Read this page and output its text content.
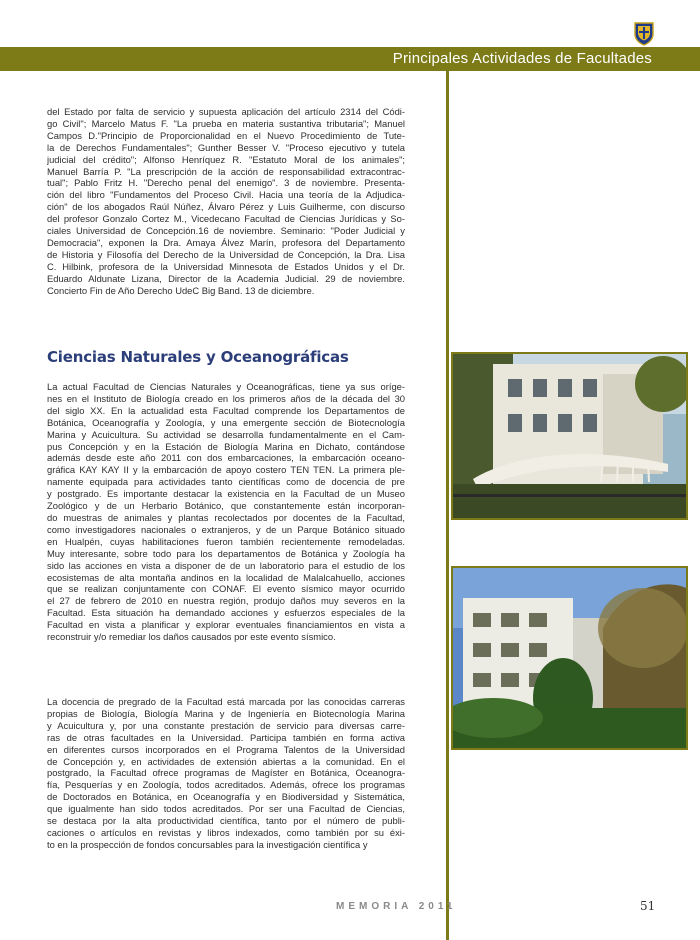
Principales Actividades de Facultades
del Estado por falta de servicio y supuesta aplicación del artículo 2314 del Códi-
go Civil"; Marcelo Matus F. "La prueba en materia sustantiva tributaria"; Manuel
Campos D."Principio de Proporcionalidad en el Nuevo Procedimiento de Tute-
la de Derechos Fundamentales"; Gunther Besser V. "Proceso ejecutivo y tutela
judicial del crédito"; Alfonso Henríquez R. "Estatuto Moral de los animales";
Manuel Barría P. "La prescripción de la acción de responsabilidad extracontrac-
tual"; Pablo Fritz H. "Derecho penal del enemigo". 3 de noviembre. Presenta-
ción del libro "Fundamentos del Proceso Civil. Hacia una teoría de la Adjudica-
ción" de los abogados Raúl Núñez, Álvaro Pérez y Luis Guilherme, con discurso
del profesor Gonzalo Cortez M., Vicedecano Facultad de Ciencias Jurídicas y So-
ciales Universidad de Concepción.16 de noviembre. Seminario: "Poder Judicial y
Democracia", exponen la Dra. Amaya Álvez Marín, profesora del Departamento
de Historia y Filosofía del Derecho de la Universidad de Concepción, la Dra. Lisa
C. Hilbink, profesora de la Universidad Minnesota de Estados Unidos y el Dr.
Eduardo Aldunate Lizana, Director de la Academia Judicial. 29 de noviembre.
Concierto Fin de Año Derecho UdeC Big Band. 13 de diciembre.
Ciencias Naturales y Oceanográficas
La actual Facultad de Ciencias Naturales y Oceanográficas, tiene ya sus oríge-
nes en el Instituto de Biología creado en los primeros años de la década del 30
del siglo XX. En la actualidad esta Facultad comprende los Departamentos de
Botánica, Oceanografía y Zoología, y una emergente sección de Biotecnología
Marina y Acuicultura. Su actividad se desarrolla fundamentalmente en el Cam-
pus Concepción y en la Estación de Biología Marina en Dichato, contándose
además desde este año 2011 con dos embarcaciones, la embarcación oceano-
gráfica KAY KAY II y la embarcación de apoyo costero TEN TEN. La primera ple-
namente equipada para actividades tanto científicas como de docencia de pre
y postgrado. Es importante destacar la existencia en la Facultad de un Museo
Zoológico y de un Herbario Botánico, que constantemente están incorporan-
do muestras de animales y plantas recolectados por docentes de la Facultad,
como investigadores nacionales o extranjeros, y de un Parque Botánico situado
en Hualpén, cuyas habilitaciones fueron también recientemente remodeladas.
Muy interesante, sobre todo para los departamentos de Botánica y Zoología ha
sido las acciones en vista a disponer de de un laboratorio para el estudio de los
ecosistemas de alta montaña andinos en la localidad de Malalcahuello, acciones
que se realizan conjuntamente con CONAF. El evento sísmico mayor ocurrido
el 27 de febrero de 2010 en nuestra región, produjo daños muy severos en la
Facultad. Esta situación ha demandado acciones y esfuerzos especiales de la
Facultad en vista a planificar y explorar eventuales financiamientos en vista a
reconstruir y/o remediar los daños causados por este evento sísmico.
La docencia de pregrado de la Facultad está marcada por las conocidas carreras
propias de Biología, Biología Marina y de Ingeniería en Biotecnología Marina
y Acuicultura y, por una constante prestación de servicio para diversas carre-
ras de otras facultades en la Universidad. Participa también en forma activa
en diferentes cursos incorporados en el Programa Talentos de la Universidad
de Concepción y, en actividades de extensión abiertas a la comunidad. En el
postgrado, la Facultad ofrece programas de Magíster en Botánica, Oceanogra-
fía, Pesquerías y en Zoología, todos acreditados. Además, ofrece los programas
de Doctorados en Botánica, en Oceanografía y en Biodiversidad y Sistemática,
que igualmente han sido todos acreditados. Por ser una Facultad de Ciencias,
se destaca por la alta productividad científica, tanto por el número de publi-
caciones o artículos en revistas y libros indexados, como también por su éxi-
to en la prospección de fondos concursables para la investigación científica y
MEMORIA 2011	51
